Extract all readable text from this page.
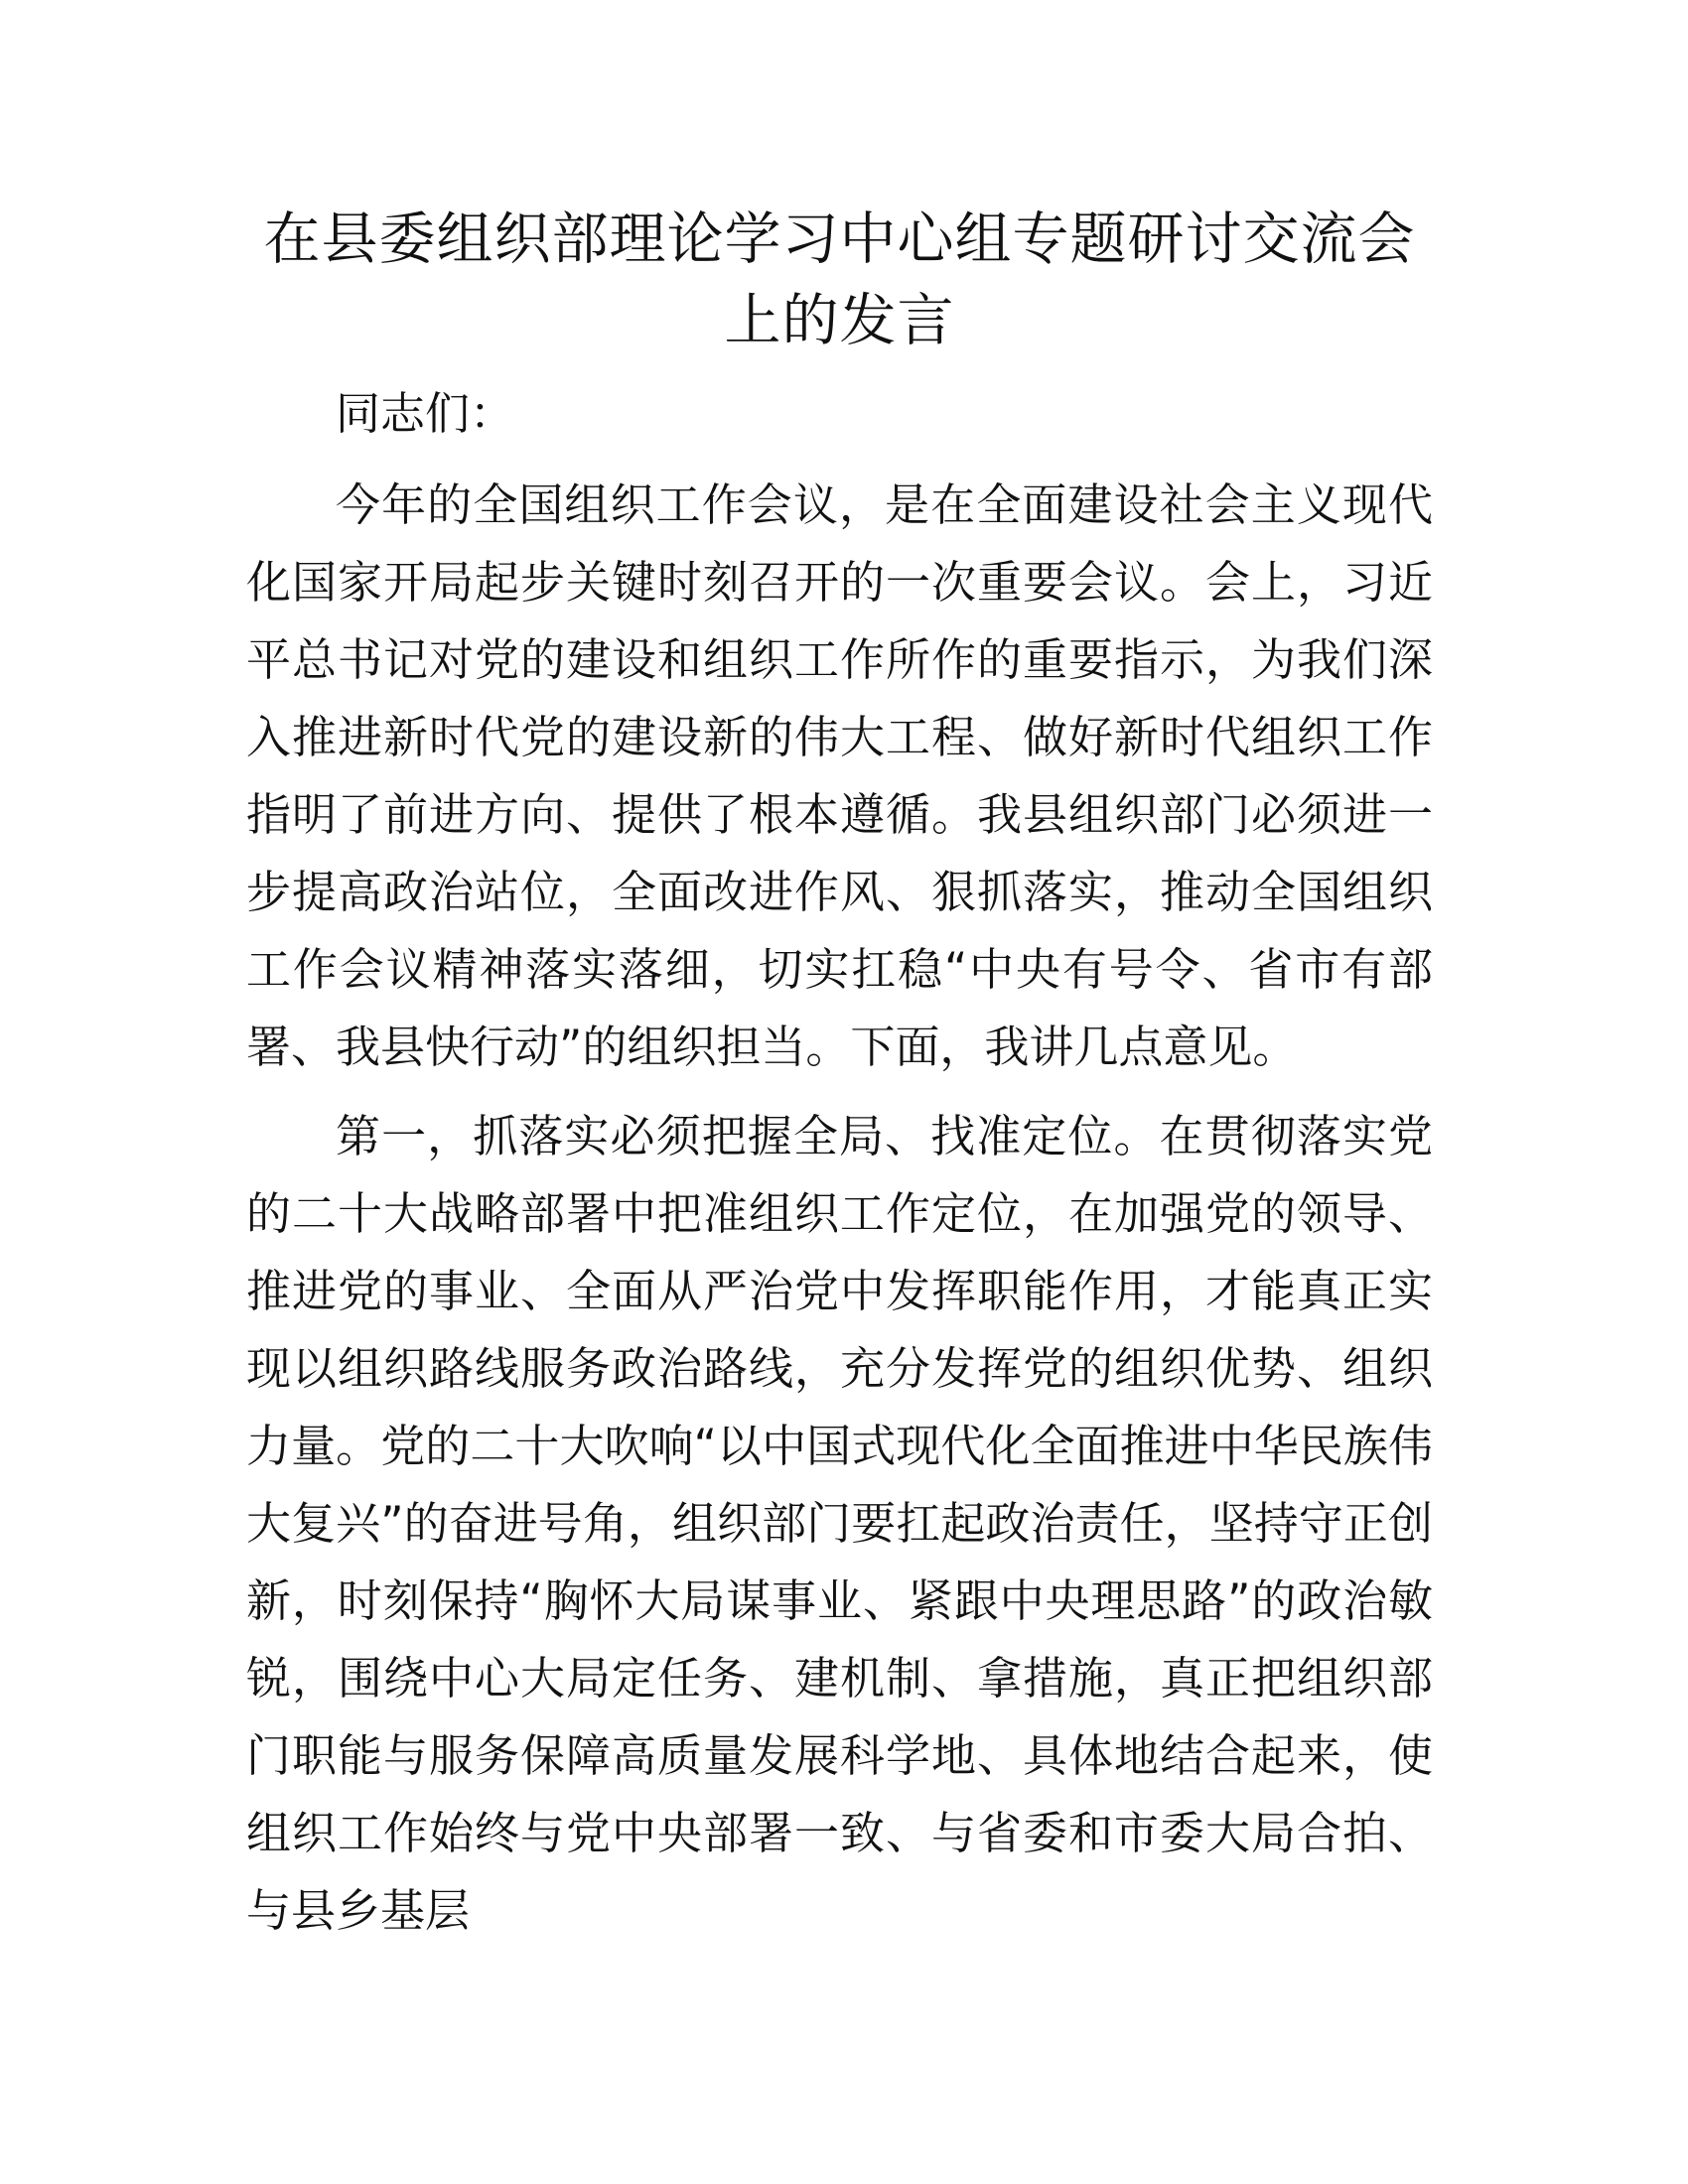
在县委组织部理论学习中心组专题研讨交流会
上的发言

同志们：

今年的全国组织工作会议，是在全面建设社会主义现代化国家开局起步关键时刻召开的一次重要会议。会上，习近平总书记对党的建设和组织工作所作的重要指示，为我们深入推进新时代党的建设新的伟大工程、做好新时代组织工作指明了前进方向、提供了根本遵循。我县组织部门必须进一步提高政治站位，全面改进作风、狠抓落实，推动全国组织工作会议精神落实落细，切实扛稳“中央有号令、省市有部署、我县快行动”的组织担当。下面，我讲几点意见。

第一，抓落实必须把握全局、找准定位。在贯彻落实党的二十大战略部署中把准组织工作定位，在加强党的领导、推进党的事业、全面从严治党中发挥职能作用，才能真正实现以组织路线服务政治路线，充分发挥党的组织优势、组织力量。党的二十大吹响“以中国式现代化全面推进中华民族伟大复兴”的奋进号角，组织部门要扛起政治责任，坚持守正创新，时刻保持“胸怀大局谋事业、紧跟中央理思路”的政治敏锐，围绕中心大局定任务、建机制、拿措施，真正把组织部门职能与服务保障高质量发展科学地、具体地结合起来，使组织工作始终与党中央部署一致、与省委和市委大局合拍、与县乡基层
